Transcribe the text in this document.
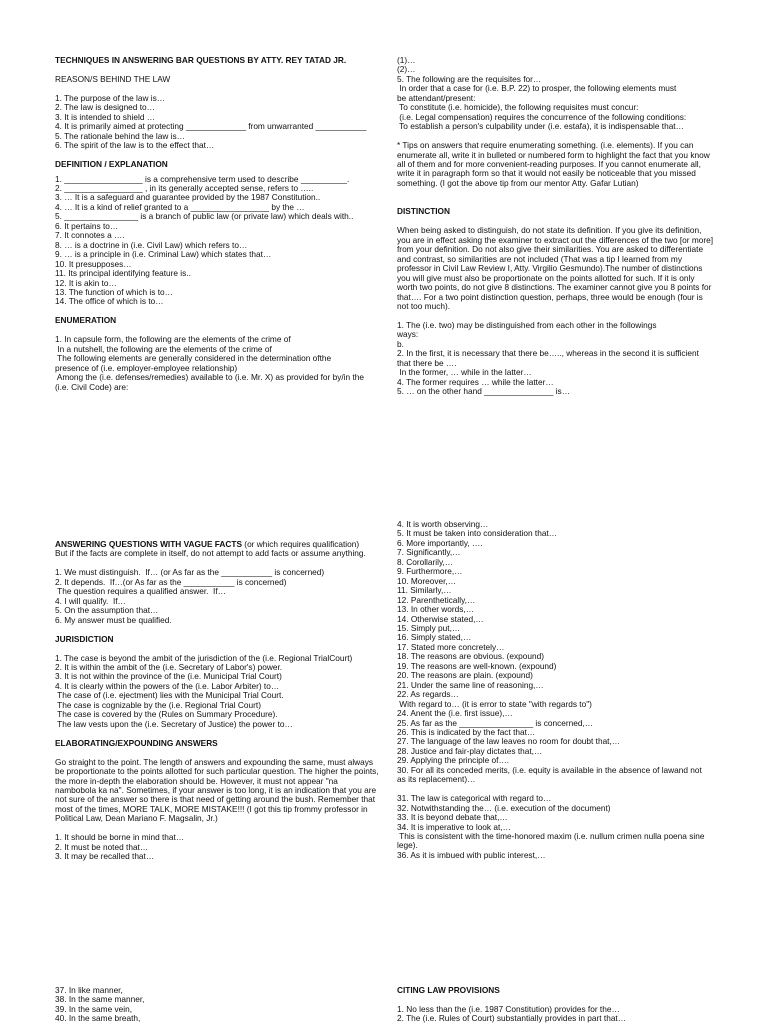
TECHNIQUES IN ANSWERING BAR QUESTIONS BY ATTY. REY TATAD JR.
REASON/S BEHIND THE LAW
1. The purpose of the law is…
2. The law is designed to…
3. It is intended to shield …
4. It is primarily aimed at protecting _____________ from unwarranted ___________
5. The rationale behind the law is…
6. The spirit of the law is to the effect that…
DEFINITION / EXPLANATION
1. _________________ is a comprehensive term used to describe __________.
2. _________________ , in its generally accepted sense, refers to …..
3. … It is a safeguard and guarantee provided by the 1987 Constitution..
4. … It is a kind of relief granted to a _________________ by the …
5. ________________ is a branch of public law (or private law) which deals with..
6. It pertains to…
7. It connotes a ….
8. … is a doctrine in (i.e. Civil Law) which refers to…
9. … is a principle in (i.e. Criminal Law) which states that…
10. It presupposes…
11. Its principal identifying feature is..
12. It is akin to…
13. The function of which is to…
14. The office of which is to…
ENUMERATION
1. In capsule form, the following are the elements of the crime of
In a nutshell, the following are the elements of the crime of
The following elements are generally considered in the determination ofthe
presence of (i.e. employer-employee relationship)
Among the (i.e. defenses/remedies) available to (i.e. Mr. X) as provided for by/in the
(i.e. Civil Code) are:
(1)…
(2)…
5. The following are the requisites for…
In order that a case for (i.e. B.P. 22) to prosper, the following elements must
be attendant/present:
To constitute (i.e. homicide), the following requisites must concur:
(i.e. Legal compensation) requires the concurrence of the following conditions:
To establish a person's culpability under (i.e. estafa), it is indispensable that…
* Tips on answers that require enumerating something. (i.e. elements). If you can enumerate all, write it in bulleted or numbered form to highlight the fact that you know all of them and for more convenient-reading purposes. If you cannot enumerate all, write it in paragraph form so that it would not easily be noticeable that you missed something. (I got the above tip from our mentor Atty. Gafar Lutian)
DISTINCTION
When being asked to distinguish, do not state its definition. If you give its definition, you are in effect asking the examiner to extract out the differences of the two [or more] from your definition. Do not also give their similarities. You are asked to differentiate and contrast, so similarities are not included (That was a tip I learned from my professor in Civil Law Review I, Atty. Virgilio Gesmundo).The number of distinctions you will give must also be proportionate on the points allotted for such. If it is only worth two points, do not give 8 distinctions. The examiner cannot give you 8 points for that…. For a two point distinction question, perhaps, three would be enough (four is not too much).
1. The (i.e. two) may be distinguished from each other in the followings
ways:
b.
2. In the first, it is necessary that there be….., whereas in the second it is sufficient
that there be ….
In the former, … while in the latter…
4. The former requires … while the latter…
5. … on the other hand _______________ is…
ANSWERING QUESTIONS WITH VAGUE FACTS (or which requires qualification)
But if the facts are complete in itself, do not attempt to add facts or assume anything.
1. We must distinguish.  If… (or As far as the ___________ is concerned)
2. It depends.  If…(or As far as the ___________ is concerned)
The question requires a qualified answer.  If…
4. I will qualify.  If…
5. On the assumption that…
6. My answer must be qualified.
JURISDICTION
1. The case is beyond the ambit of the jurisdiction of the (i.e. Regional TrialCourt)
2. It is within the ambit of the (i.e. Secretary of Labor's) power.
3. It is not within the province of the (i.e. Municipal Trial Court)
4. It is clearly within the powers of the (i.e. Labor Arbiter) to…
The case of (i.e. ejectment) lies with the Municipal Trial Court.
The case is cognizable by the (i.e. Regional Trial Court)
The case is covered by the (Rules on Summary Procedure).
The law vests upon the (i.e. Secretary of Justice) the power to…
ELABORATING/EXPOUNDING ANSWERS
Go straight to the point. The length of answers and expounding the same, must always be proportionate to the points allotted for such particular question. The higher the points, the more in-depth the elaboration should be. However, it must not appear "na nambobola ka na". Sometimes, if your answer is too long, it is an indication that you are not sure of the answer so there is that need of getting around the bush. Remember that most of the times, MORE TALK, MORE MISTAKE!!! (I got this tip frommy professor in Political Law, Dean Mariano F. Magsalin, Jr.)
1. It should be borne in mind that…
2. It must be noted that…
3. It may be recalled that…
4. It is worth observing…
5. It must be taken into consideration that…
6. More importantly, ….
7. Significantly,…
8. Corollarily,…
9. Furthermore,…
10. Moreover,…
11. Similarly,…
12. Parenthetically,…
13. In other words,…
14. Otherwise stated,…
15. Simply put,…
16. Simply stated,…
17. Stated more concretely…
18. The reasons are obvious. (expound)
19. The reasons are well-known. (expound)
20. The reasons are plain. (expound)
21. Under the same line of reasoning,…
22. As regards…
With regard to… (it is error to state "with regards to")
24. Anent the (i.e. first issue),…
25. As far as the ________________ is concerned,…
26. This is indicated by the fact that…
27. The language of the law leaves no room for doubt that,…
28. Justice and fair-play dictates that,…
29. Applying the principle of….
30. For all its conceded merits, (i.e. equity is available in the absence of lawand not
as its replacement)…
31. The law is categorical with regard to…
32. Notwithstanding the… (i.e. execution of the document)
33. It is beyond debate that,…
34. It is imperative to look at,…
This is consistent with the time-honored maxim (i.e. nullum crimen nulla poena sine
lege).
36. As it is imbued with public interest,…
37. In like manner,
38. In the same manner,
39. In the same vein,
40. In the same breath,
CITING LAW PROVISIONS
1. No less than the (i.e. 1987 Constitution) provides for the…
2. The (i.e. Rules of Court) substantially provides in part that…
